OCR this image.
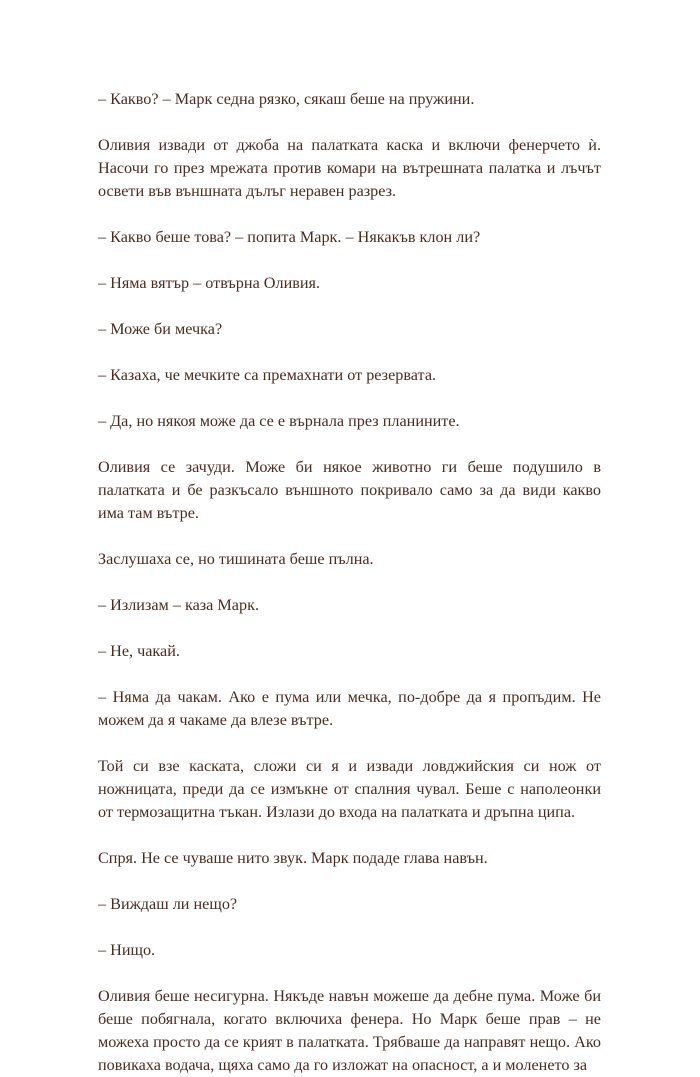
– Какво? – Марк седна рязко, сякаш беше на пружини.

Оливия извади от джоба на палатката каска и включи фенерчето ѝ. Насочи го през мрежата против комари на вътрешната палатка и лъчът освети във външната дълъг неравен разрез.

– Какво беше това? – попита Марк. – Някакъв клон ли?

– Няма вятър – отвърна Оливия.

– Може би мечка?

– Казаха, че мечките са премахнати от резервата.

– Да, но някоя може да се е върнала през планините.

Оливия се зачуди. Може би някое животно ги беше подушило в палатката и бе разкъсало външното покривало само за да види какво има там вътре.

Заслушаха се, но тишината беше пълна.

– Излизам – каза Марк.

– Не, чакай.

– Няма да чакам. Ако е пума или мечка, по-добре да я пропъдим. Не можем да я чакаме да влезе вътре.

Той си взе каската, сложи си я и извади ловджийския си нож от ножницата, преди да се измъкне от спалния чувал. Беше с наполеонки от термозащитна тъкан. Излази до входа на палатката и дръпна ципа.

Спря. Не се чуваше нито звук. Марк подаде глава навън.

– Виждаш ли нещо?

– Нищо.

Оливия беше несигурна. Някъде навън можеше да дебне пума. Може би беше побягнала, когато включиха фенера. Но Марк беше прав – не можеха просто да се крият в палатката. Трябваше да направят нещо. Ако повикаха водача, щяха само да го изложат на опасност, а и моленето за
